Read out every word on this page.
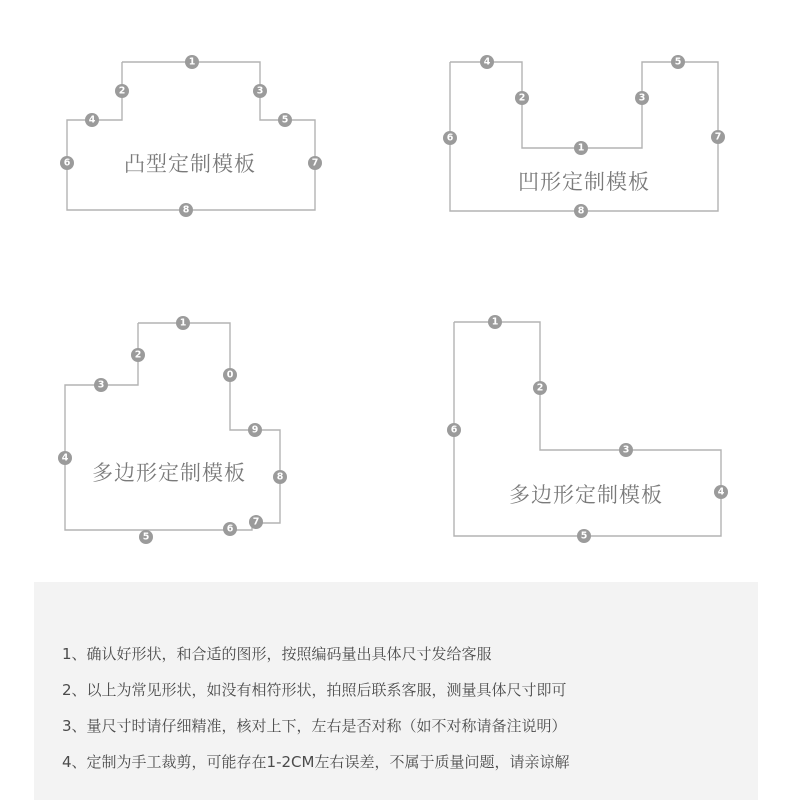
1
2	3
4	5
6	7
8
凸型定制模板
4
2
1
3
5
6	7
8
凹形定制模板
1
2
3
0
9
4
8
7
6
5
多边形定制模板
1
2
6
3
4
5
多边形定制模板
1、确认好形状，和合适的图形，按照编码量出具体尺寸发给客服
2、以上为常见形状，如没有相符形状，拍照后联系客服，测量具体尺寸即可
3、量尺寸时请仔细精准，核对上下，左右是否对称（如不对称请备注说明）
4、定制为手工裁剪，可能存在1-2CM左右误差，不属于质量问题，请亲谅解
